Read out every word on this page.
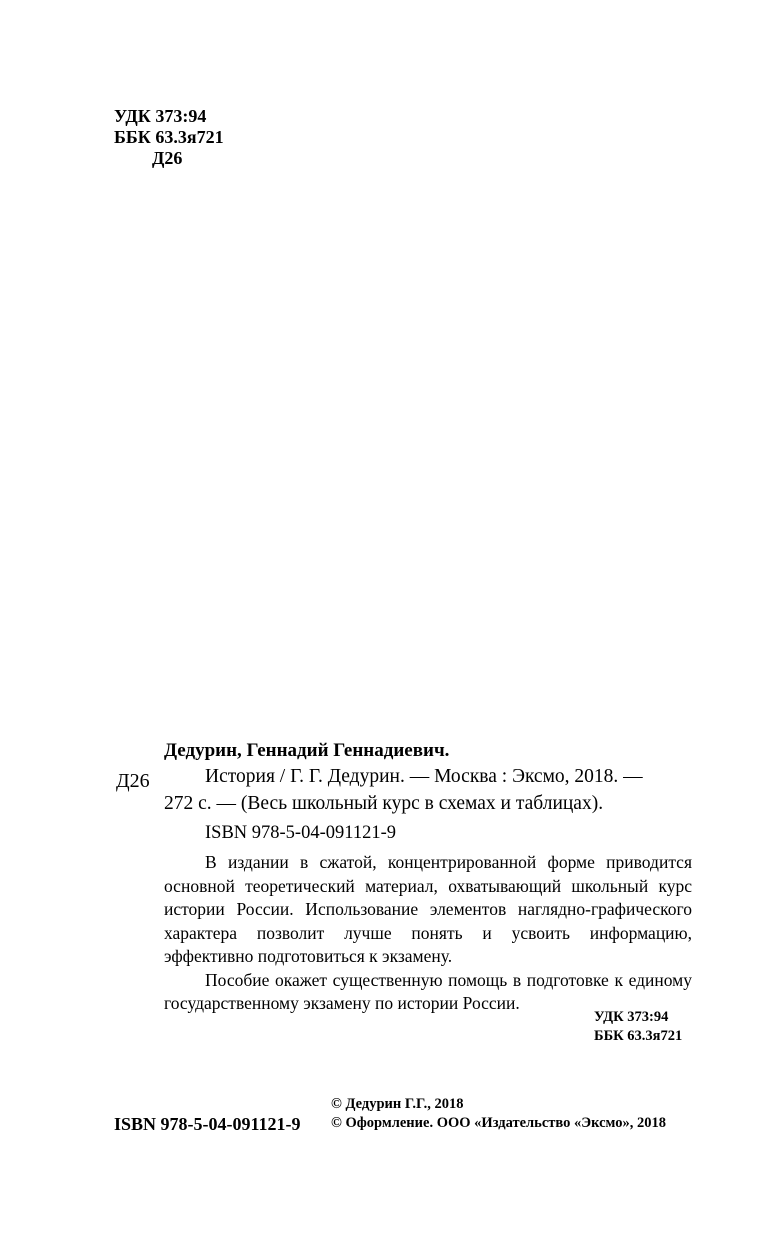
УДК 373:94
ББК 63.3я721
Д26
Дедурин, Геннадий Геннадиевич.
Д26	История / Г. Г. Дедурин. — Москва : Эксмо, 2018. —
272 с. — (Весь школьный курс в схемах и таблицах).
ISBN 978-5-04-091121-9

В издании в сжатой, концентрированной форме приводится основной теоретический материал, охватывающий школьный курс истории России. Использование элементов наглядно-графического характера позволит лучше понять и усвоить информацию, эффективно подготовиться к экзамену.

Пособие окажет существенную помощь в подготовке к единому государственному экзамену по истории России.

УДК 373:94
ББК 63.3я721
© Дедурин Г.Г., 2018
ISBN 978-5-04-091121-9 © Оформление. ООО «Издательство «Эксмо», 2018
